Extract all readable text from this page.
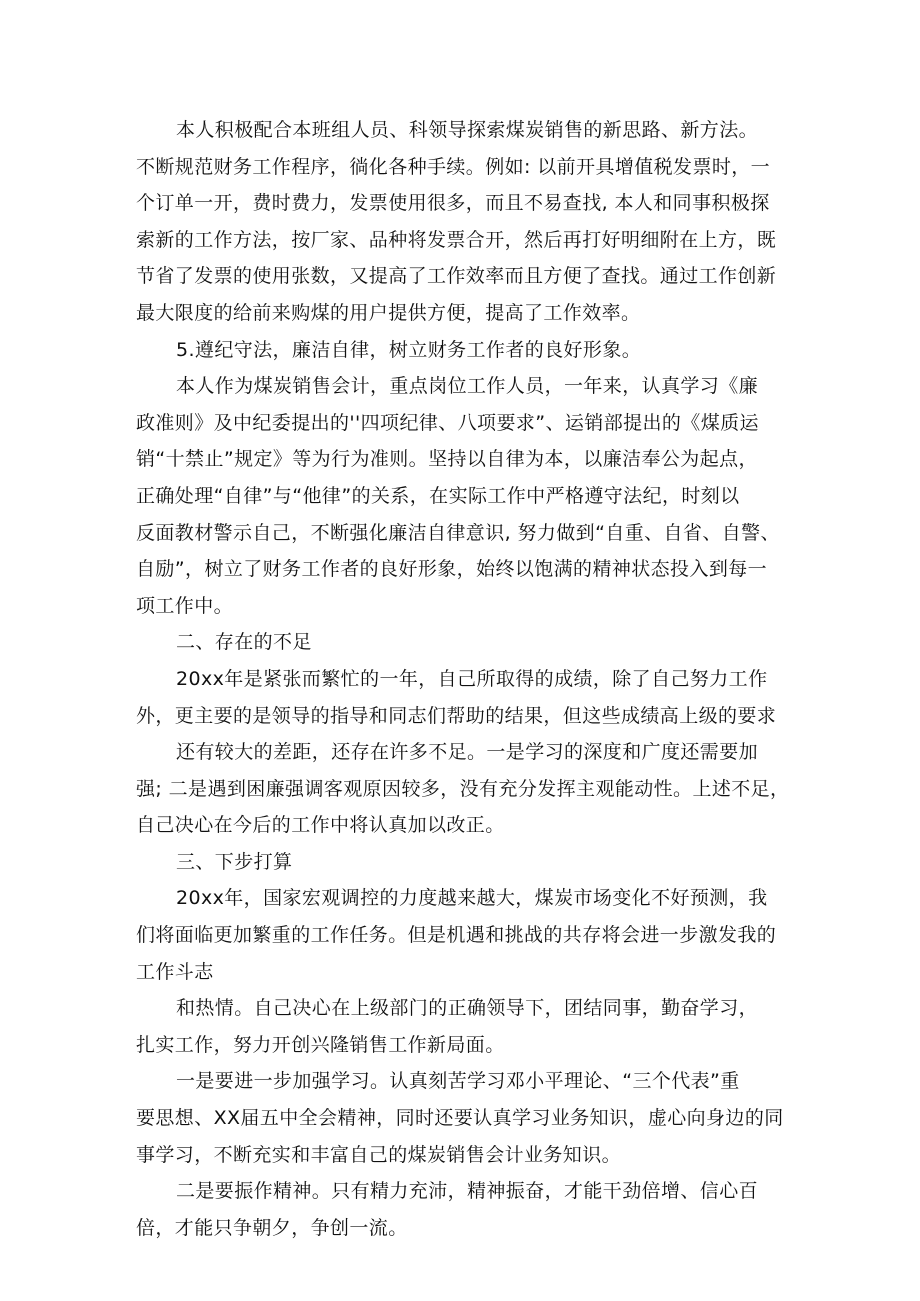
本人积极配合本班组人员、科领导探索煤炭销售的新思路、新方法。
不断规范财务工作程序，徜化各种手续。例如: 以前开具增值税发票时，一
个订单一开，费时费力，发票使用很多，而且不易查找, 本人和同事积极探
索新的工作方法，按厂家、品种将发票合开，然后再打好明细附在上方，既
节省了发票的使用张数，又提高了工作效率而且方便了查找。通过工作创新
最大限度的给前来购煤的用户提供方便，提高了工作效率。
5.遵纪守法，廉洁自律，树立财务工作者的良好形象。
本人作为煤炭销售会计，重点岗位工作人员，一年来，认真学习《廉
政准则》及中纪委提出的''四项纪律、八项要求”、运销部提出的《煤质运
销“十禁止”规定》等为行为准则。坚持以自律为本，以廉洁奉公为起点，
正确处理“自律”与“他律”的关系，在实际工作中严格遵守法纪，时刻以
反面教材警示自己，不断强化廉洁自律意识, 努力做到“自重、自省、自警、
自励”，树立了财务工作者的良好形象，始终以饱满的精神状态投入到每一
项工作中。
二、存在的不足
20xx年是紧张而繁忙的一年，自己所取得的成绩，除了自己努力工作
外，更主要的是领导的指导和同志们帮助的结果，但这些成绩高上级的要求
还有较大的差距，还存在许多不足。一是学习的深度和广度还需要加
强; 二是遇到困廉强调客观原因较多，没有充分发挥主观能动性。上述不足，
自己决心在今后的工作中将认真加以改正。
三、下步打算
20xx年，国家宏观调控的力度越来越大，煤炭市场变化不好预测，我
们将面临更加繁重的工作任务。但是机遇和挑战的共存将会进一步激发我的
工作斗志
和热情。自己决心在上级部门的正确领导下，团结同事，勤奋学习，
扎实工作，努力开创兴隆销售工作新局面。
一是要进一步加强学习。认真刻苦学习邓小平理论、“三个代表”重
要思想、XX届五中全会精神，同时还要认真学习业务知识，虚心向身边的同
事学习，不断充实和丰富自己的煤炭销售会计业务知识。
二是要振作精神。只有精力充沛，精神振奋，才能干劲倍增、信心百
倍，才能只争朝夕，争创一流。
